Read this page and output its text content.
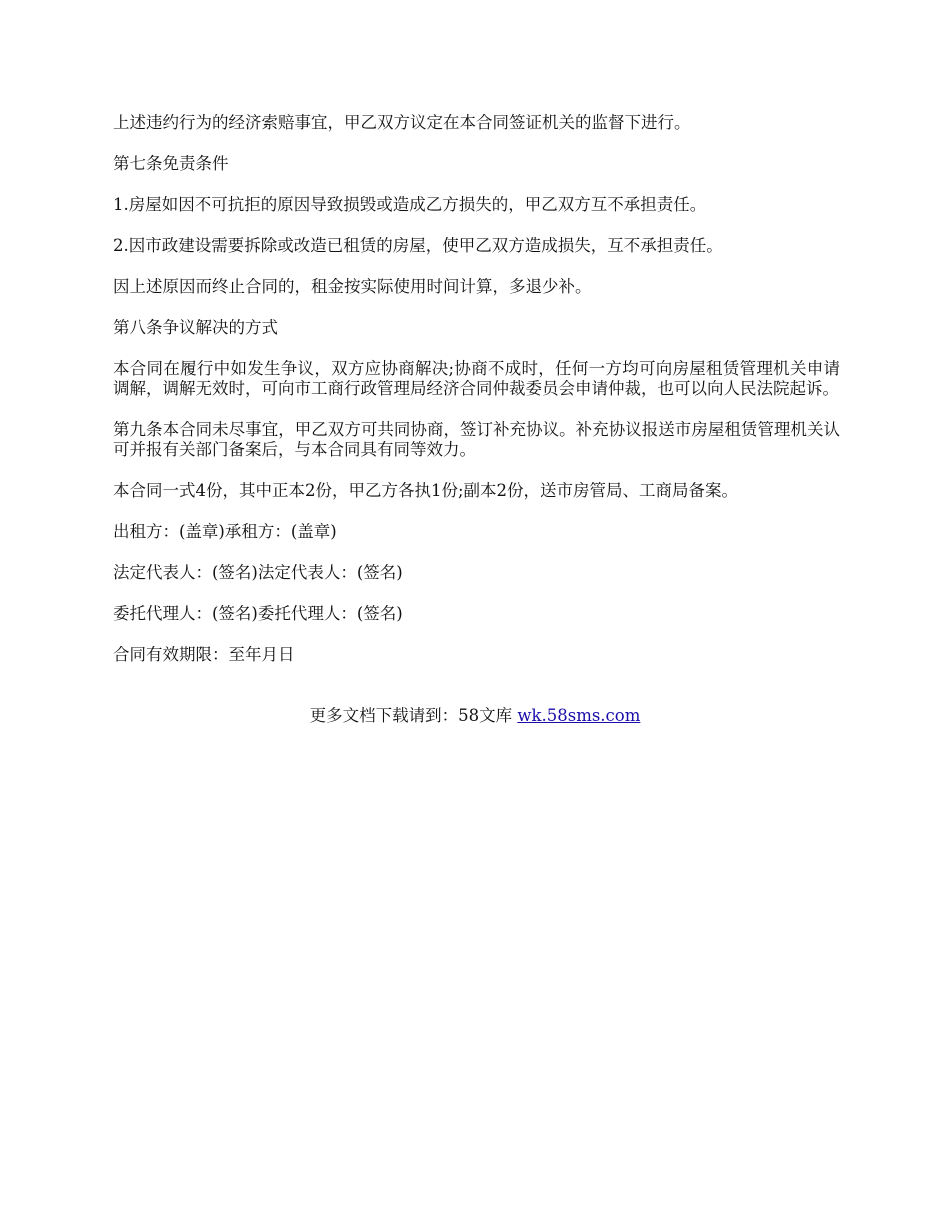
上述违约行为的经济索赔事宜，甲乙双方议定在本合同签证机关的监督下进行。

第七条免责条件

1.房屋如因不可抗拒的原因导致损毁或造成乙方损失的，甲乙双方互不承担责任。

2.因市政建设需要拆除或改造已租赁的房屋，使甲乙双方造成损失，互不承担责任。

因上述原因而终止合同的，租金按实际使用时间计算，多退少补。

第八条争议解决的方式

本合同在履行中如发生争议，双方应协商解决;协商不成时，任何一方均可向房屋租赁管理机关申请调解，调解无效时，可向市工商行政管理局经济合同仲裁委员会申请仲裁，也可以向人民法院起诉。

第九条本合同未尽事宜，甲乙双方可共同协商，签订补充协议。补充协议报送市房屋租赁管理机关认可并报有关部门备案后，与本合同具有同等效力。

本合同一式4份，其中正本2份，甲乙方各执1份;副本2份，送市房管局、工商局备案。

出租方：(盖章)承租方：(盖章)

法定代表人：(签名)法定代表人：(签名)

委托代理人：(签名)委托代理人：(签名)

合同有效期限：至年月日

更多文档下载请到：58文库 wk.58sms.com
